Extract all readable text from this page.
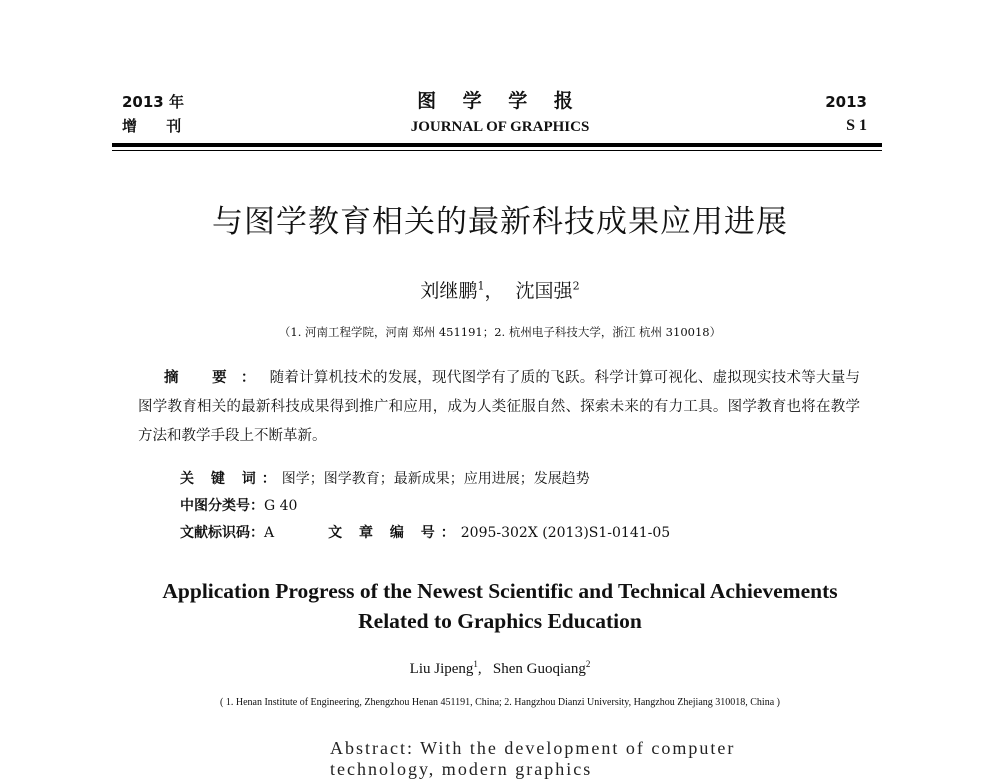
2013 年
增 刊
图 学 学 报
JOURNAL OF GRAPHICS
2013
S 1
与图学教育相关的最新科技成果应用进展
刘继鹏$^1$， 沈国强$^2$
（1. 河南工程学院，河南 郑州 451191；2. 杭州电子科技大学，浙江 杭州 310018）
摘 要：随着计算机技术的发展，现代图学有了质的飞跃。科学计算可视化、虚拟现实技术等大量与图学教育相关的最新科技成果得到推广和应用，成为人类征服自然、探索未来的有力工具。图学教育也将在教学方法和教学手段上不断革新。
关 键 词：图学；图学教育；最新成果；应用进展；发展趋势
中图分类号：G 40
文献标识码：A	文 章 编 号：2095-302X (2013)S1-0141-05
Application Progress of the Newest Scientific and Technical Achievements
Related to Graphics Education
Liu Jipeng$^1$, Shen Guoqiang$^2$
( 1. Henan Institute of Engineering, Zhengzhou Henan 451191, China; 2. Hangzhou Dianzi University, Hangzhou Zhejiang 310018, China )
Abstract: With the development of computer technology, modern graphics
